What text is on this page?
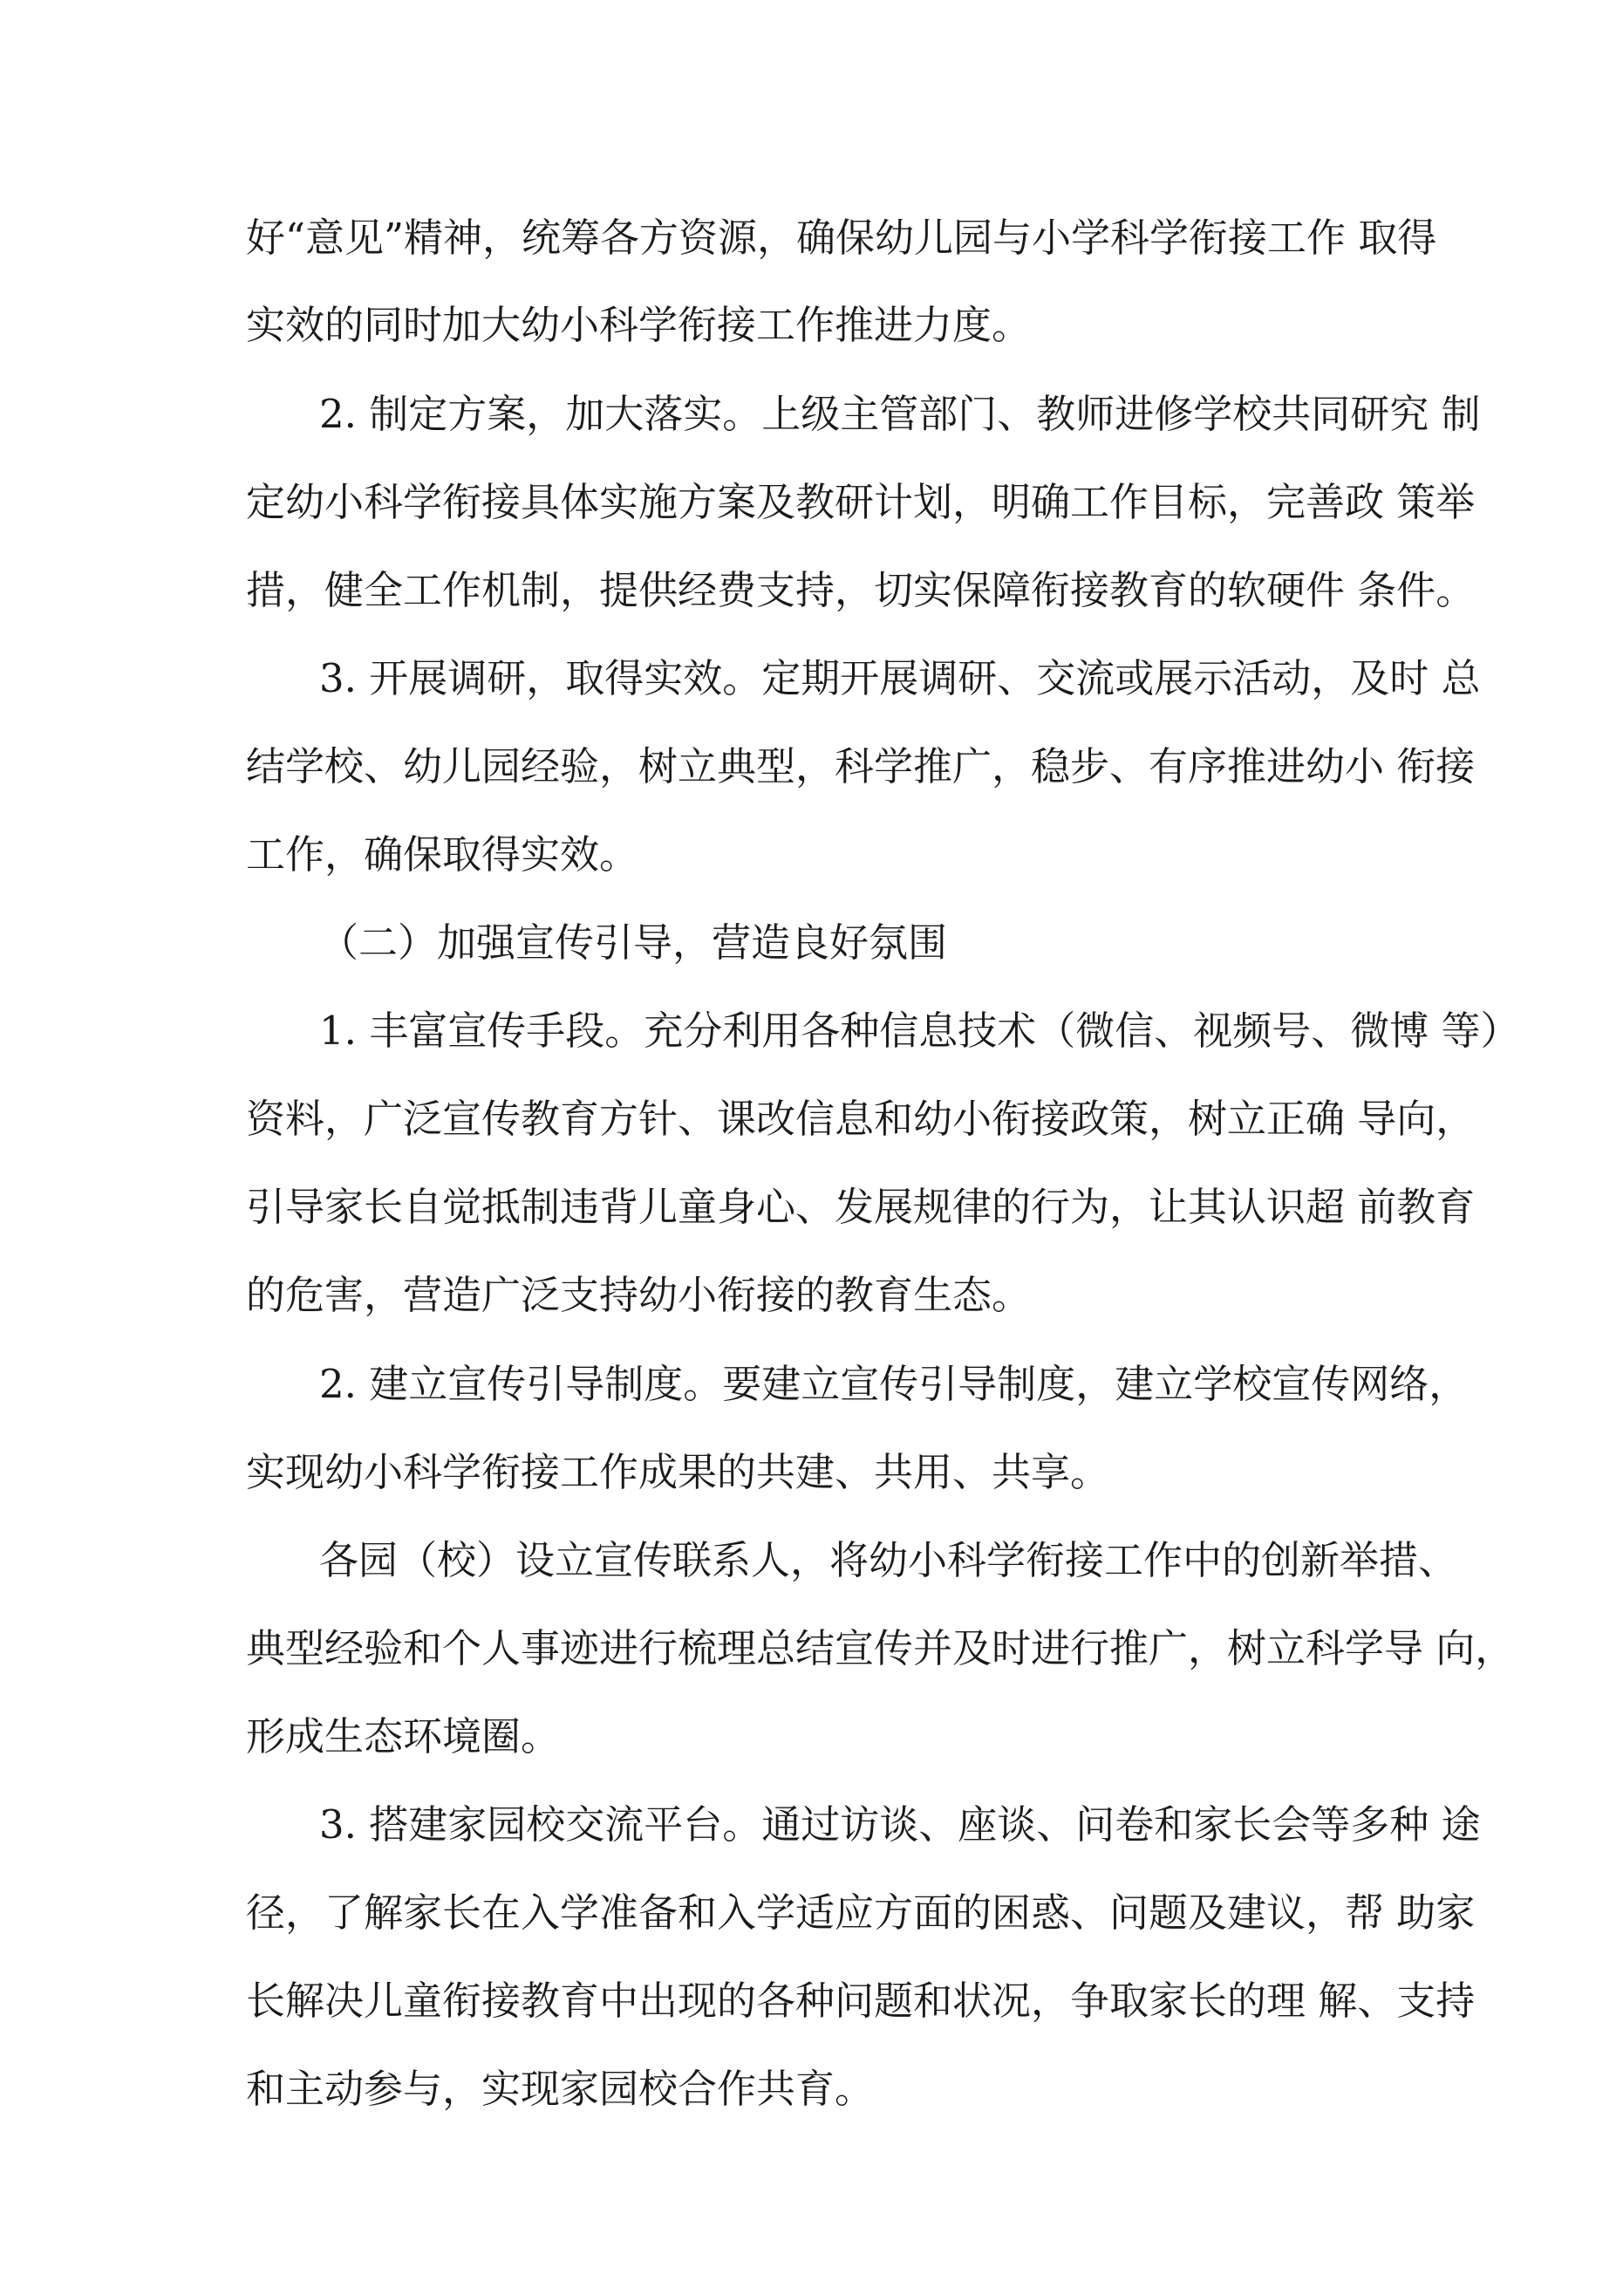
好“意见”精神，统筹各方资源，确保幼儿园与小学科学衔接工作 取得
实效的同时加大幼小科学衔接工作推进力度。
2. 制定方案，加大落实。上级主管部门、教师进修学校共同研究 制
定幼小科学衔接具体实施方案及教研计划，明确工作目标，完善政 策举
措，健全工作机制，提供经费支持，切实保障衔接教育的软硬件 条件。
3. 开展调研，取得实效。定期开展调研、交流或展示活动，及时 总
结学校、幼儿园经验，树立典型，科学推广，稳步、有序推进幼小 衔接
工作，确保取得实效。
（二）加强宣传引导，营造良好氛围
1. 丰富宣传手段。充分利用各种信息技术（微信、视频号、微博 等）
资料，广泛宣传教育方针、课改信息和幼小衔接政策，树立正确 导向，
引导家长自觉抵制违背儿童身心、发展规律的行为，让其认识超 前教育
的危害，营造广泛支持幼小衔接的教育生态。
2. 建立宣传引导制度。要建立宣传引导制度，建立学校宣传网络，
实现幼小科学衔接工作成果的共建、共用、共享。
各园（校）设立宣传联系人，将幼小科学衔接工作中的创新举措、
典型经验和个人事迹进行梳理总结宣传并及时进行推广，树立科学导 向，
形成生态环境圈。
3. 搭建家园校交流平台。通过访谈、座谈、问卷和家长会等多种 途
径，了解家长在入学准备和入学适应方面的困惑、问题及建议，帮 助家
长解决儿童衔接教育中出现的各种问题和状况，争取家长的理 解、支持
和主动参与，实现家园校合作共育。
